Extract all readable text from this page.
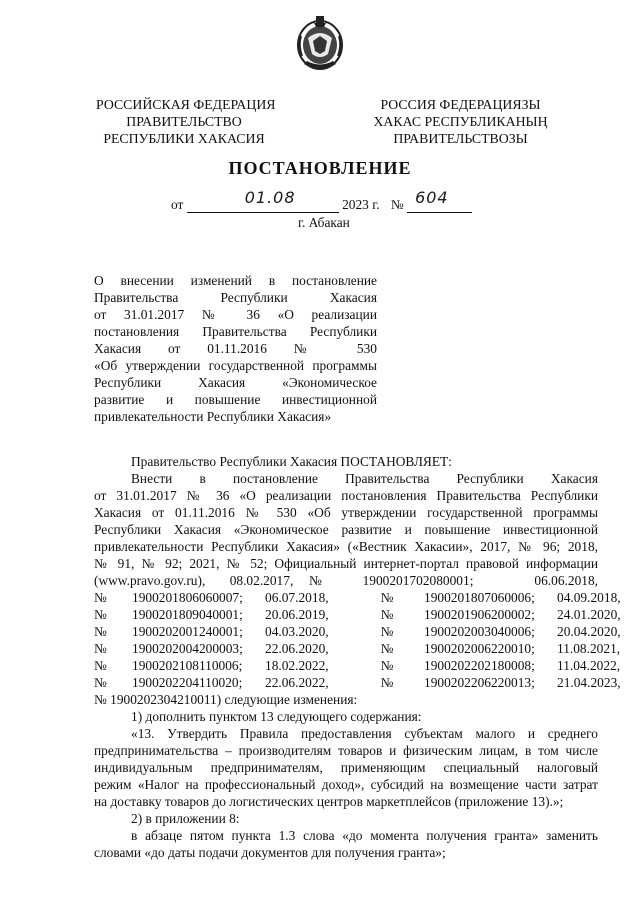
РОССИЙСКАЯ ФЕДЕРАЦИЯ
ПРАВИТЕЛЬСТВО
РЕСПУБЛИКИ ХАКАСИЯ
РОССИЯ ФЕДЕРАЦИЯЗЫ
ХАКАС РЕСПУБЛИКАНЫҢ
ПРАВИТЕЛЬСТВОЗЫ
ПОСТАНОВЛЕНИЕ
от	01.08	2023 г. № 604
г. Абакан
О внесении изменений в постановление
Правительства Республики Хакасия
от 31.01.2017 № 36 «О реализации
постановления Правительства Республики
Хакасия от 01.11.2016 № 530
«Об утверждении государственной программы
Республики Хакасия «Экономическое
развитие и повышение инвестиционной
привлекательности Республики Хакасия»
Правительство Республики Хакасия ПОСТАНОВЛЯЕТ:
Внести в постановление Правительства Республики Хакасия
от 31.01.2017 № 36 «О реализации постановления Правительства Республики
Хакасия от 01.11.2016 № 530 «Об утверждении государственной программы
Республики Хакасия «Экономическое развитие и повышение инвестиционной
привлекательности Республики Хакасия» («Вестник Хакасии», 2017, № 96; 2018,
№ 91, № 92; 2021, № 52; Официальный интернет-портал правовой информации
(www.pravo.gov.ru),	08.02.2017,	№	1900201702080001;	06.06.2018,
№	1900201806060007;	06.07.2018,	№	1900201807060006;	04.09.2018,
№	1900201809040001;	20.06.2019,	№	1900201906200002;	24.01.2020,
№	1900202001240001;	04.03.2020,	№	1900202003040006;	20.04.2020,
№	1900202004200003;	22.06.2020,	№	1900202006220010;	11.08.2021,
№	1900202108110006;	18.02.2022,	№	1900202202180008;	11.04.2022,
№	1900202204110020;	22.06.2022,	№	1900202206220013;	21.04.2023,
№ 1900202304210011) следующие изменения:
1) дополнить пунктом 13 следующего содержания:
«13. Утвердить Правила предоставления субъектам малого и среднего
предпринимательства – производителям товаров и физическим лицам, в том числе
индивидуальным предпринимателям, применяющим специальный налоговый
режим «Налог на профессиональный доход», субсидий на возмещение части затрат
на доставку товаров до логистических центров маркетплейсов (приложение 13).»;
2) в приложении 8:
в абзаце пятом пункта 1.3 слова «до момента получения гранта» заменить
словами «до даты подачи документов для получения гранта»;
